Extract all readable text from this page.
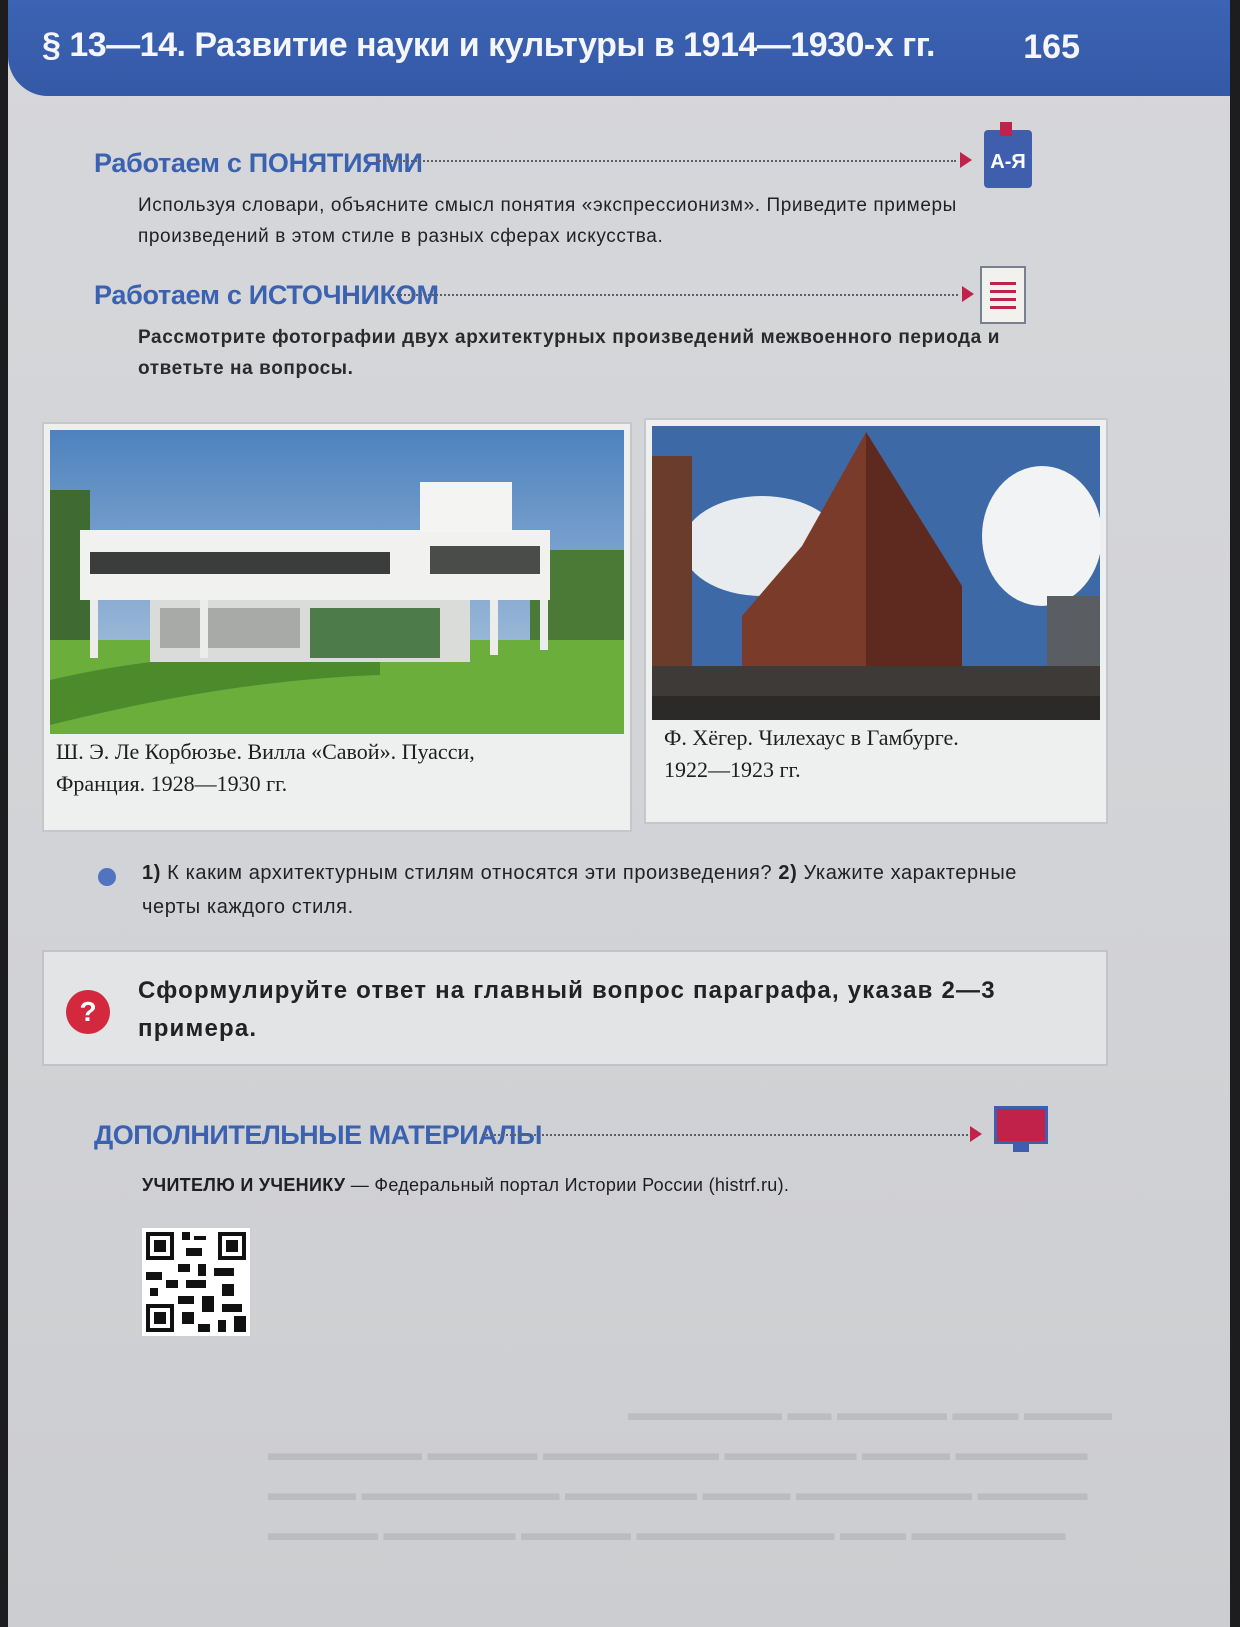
§ 13—14. Развитие науки и культуры в 1914—1930-х гг.	165
Работаем с ПОНЯТИЯМИ	А-Я
Используя словари, объясните смысл понятия «экспрессионизм». Приведите примеры произведений в этом стиле в разных сферах искусства.
Работаем с ИСТОЧНИКОМ
Рассмотрите фотографии двух архитектурных произведений межвоенного периода и ответьте на вопросы.
Ш. Э. Ле Корбюзье. Вилла «Савой». Пуасси,
Франция. 1928—1930 гг.
Ф. Хёгер. Чилехаус в Гамбурге.
1922—1923 гг.
1) К каким архитектурным стилям относятся эти произведения? 2) Укажите характерные черты каждого стиля.
?
Сформулируйте ответ на главный вопрос параграфа, указав 2—3 примера.
ДОПОЛНИТЕЛЬНЫЕ МАТЕРИАЛЫ
УЧИТЕЛЮ И УЧЕНИКУ — Федеральный портал Истории России (histrf.ru).
▬▬▬▬ ▬▬▬ ▬▬▬▬▬ ▬▬ ▬▬▬▬▬▬▬
▬▬▬▬▬▬ ▬▬▬▬ ▬▬▬▬▬▬ ▬▬▬▬▬▬▬▬ ▬▬▬▬▬ ▬▬▬▬▬▬▬
▬▬▬▬▬ ▬▬▬▬▬▬▬▬ ▬▬▬▬ ▬▬▬▬▬▬ ▬▬▬▬▬▬▬▬▬ ▬▬▬▬
▬▬▬▬▬▬▬ ▬▬▬ ▬▬▬▬▬▬▬▬▬ ▬▬▬▬▬ ▬▬▬▬▬▬ ▬▬▬▬▬
